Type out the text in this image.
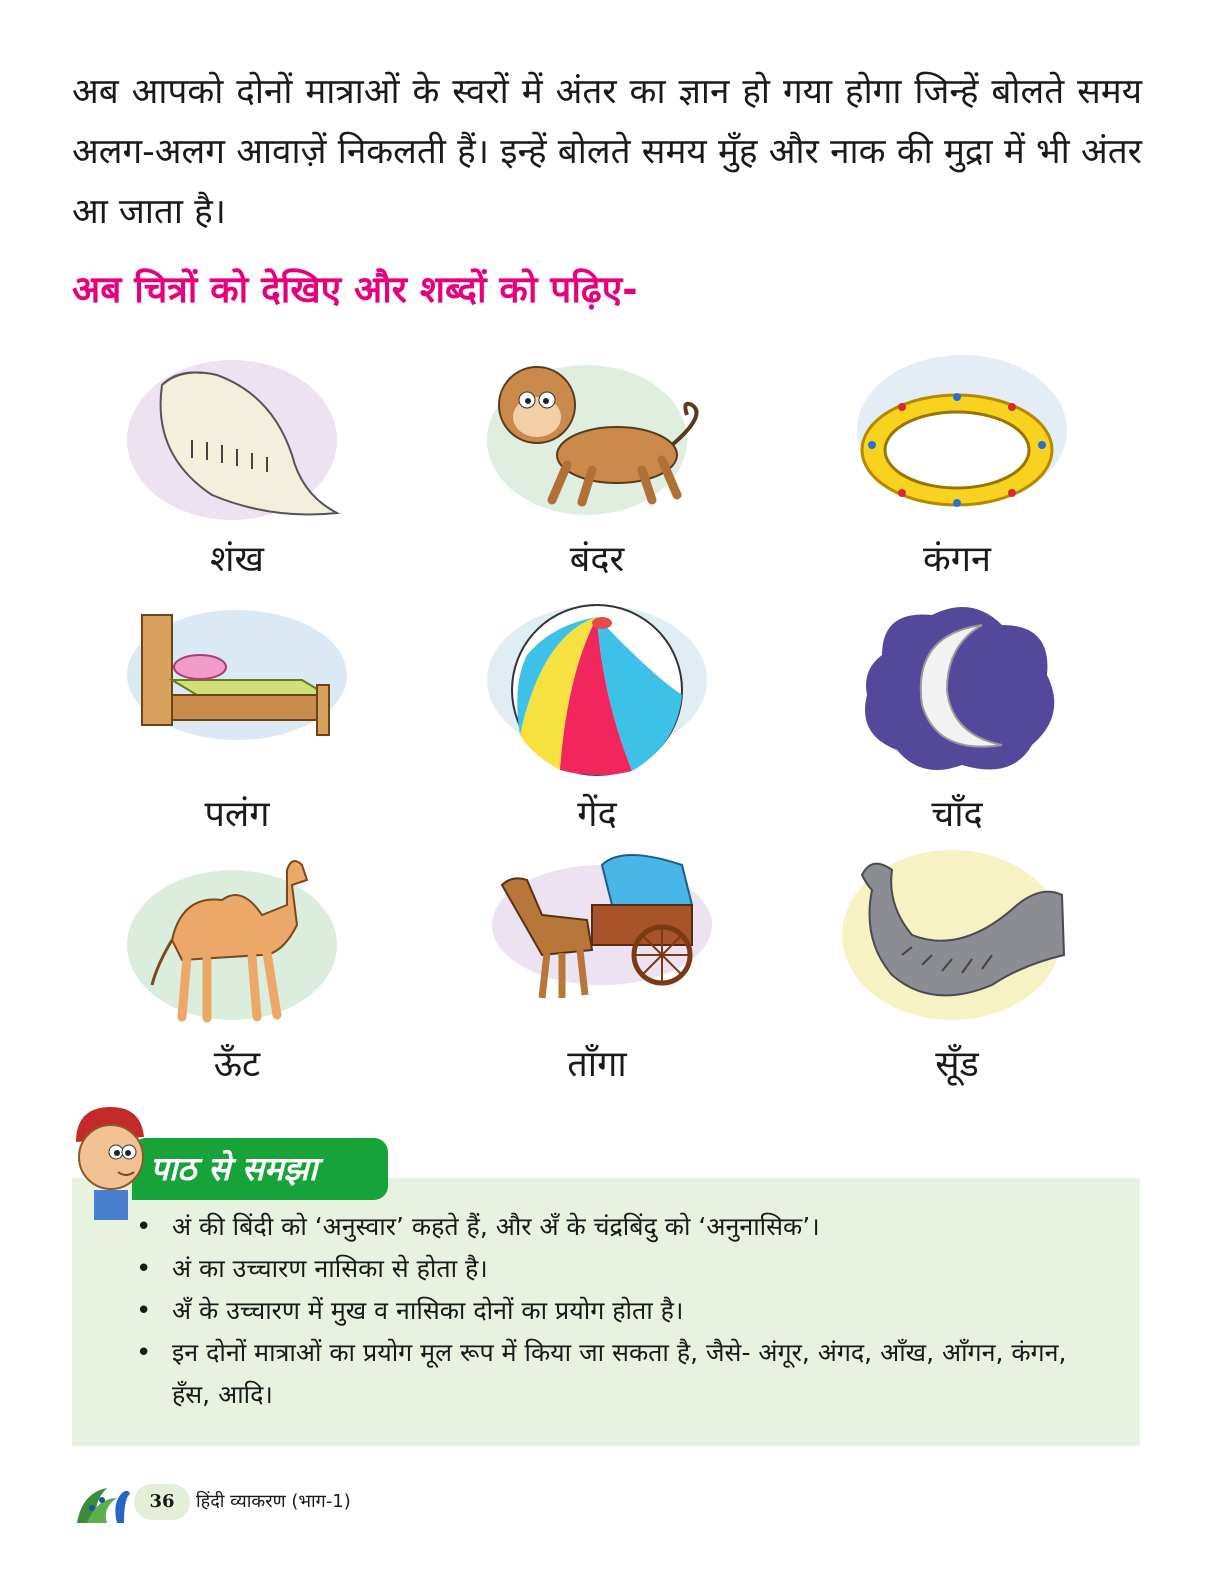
अब आपको दोनों मात्राओं के स्वरों में अंतर का ज्ञान हो गया होगा जिन्हें बोलते समय अलग-अलग आवाज़ें निकलती हैं। इन्हें बोलते समय मुँह और नाक की मुद्रा में भी अंतर आ जाता है।

अब चित्रों को देखिए और शब्दों को पढ़िए-
शंख	बंदर	कंगन
पलंग	गेंद	चाँद
ऊँट	ताँगा	सूँड
• अं की बिंदी को ‘अनुस्वार’ कहते हैं, और अँ के चंद्रबिंदु को ‘अनुनासिक’।
• अं का उच्चारण नासिका से होता है।
• अँ के उच्चारण में मुख व नासिका दोनों का प्रयोग होता है।
• इन दोनों मात्राओं का प्रयोग मूल रूप में किया जा सकता है, जैसे- अंगूर, अंगद, आँख, आँगन, कंगन, हँस, आदि।
पाठ से समझा
36	हिंदी व्याकरण (भाग-1)
